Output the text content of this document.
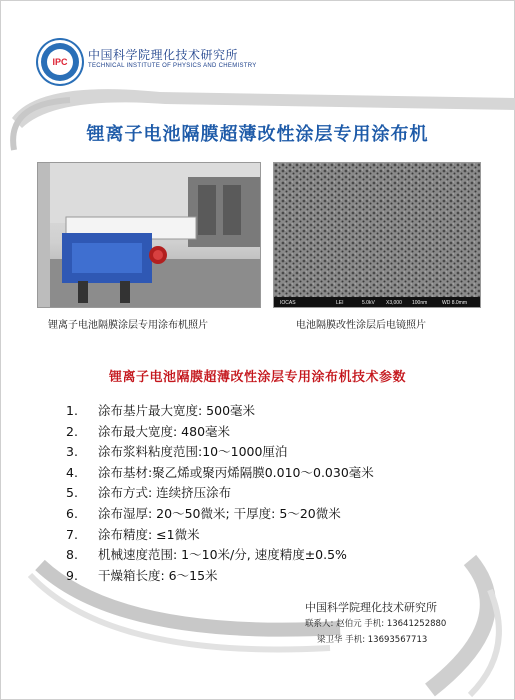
IPC	中国科学院理化技术研究所
TECHNICAL INSTITUTE OF PHYSICS AND CHEMISTRY
锂离子电池隔膜超薄改性涂层专用涂布机
IOCAS	LEI	5.0kV X3,000 100nm	WD 8.0mm
锂离子电池隔膜涂层专用涂布机照片	电池隔膜改性涂层后电镜照片
锂离子电池隔膜超薄改性涂层专用涂布机技术参数
1. 涂布基片最大宽度: 500毫米
2. 涂布最大宽度: 480毫米
3. 涂布浆料粘度范围:10～1000厘泊
4. 涂布基材:聚乙烯或聚丙烯隔膜0.010～0.030毫米
5. 涂布方式: 连续挤压涂布
6. 涂布湿厚: 20～50微米; 干厚度: 5～20微米
7. 涂布精度: ≤1微米
8. 机械速度范围: 1～10米/分, 速度精度±0.5%
9. 干燥箱长度: 6～15米
中国科学院理化技术研究所
联系人: 赵伯元 手机: 13641252880
梁卫华 手机: 13693567713
